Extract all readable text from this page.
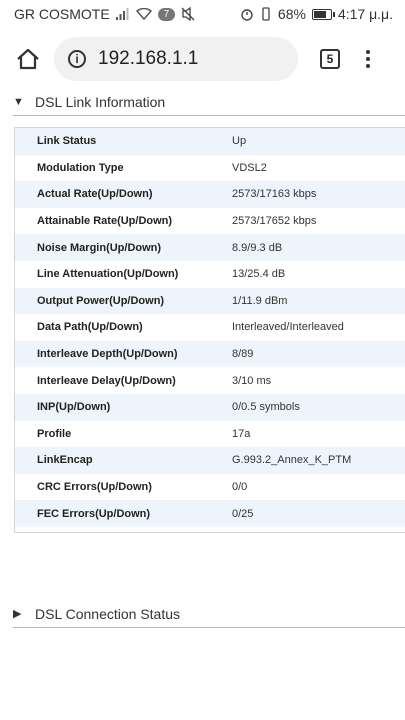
GR COSMOTE	7	68% 4:17 μ.μ.
i	192.168.1.1	5
▼ DSL Link Information
Link Status	Up
Modulation Type	VDSL2
Actual Rate(Up/Down)	2573/17163 kbps
Attainable Rate(Up/Down)	2573/17652 kbps
Noise Margin(Up/Down)	8.9/9.3 dB
Line Attenuation(Up/Down)	13/25.4 dB
Output Power(Up/Down)	1/11.9 dBm
Data Path(Up/Down)	Interleaved/Interleaved
Interleave Depth(Up/Down)	8/89
Interleave Delay(Up/Down)	3/10 ms
INP(Up/Down)	0/0.5 symbols
Profile	17a
LinkEncap	G.993.2_Annex_K_PTM
CRC Errors(Up/Down)	0/0
FEC Errors(Up/Down)	0/25
▶ DSL Connection Status
